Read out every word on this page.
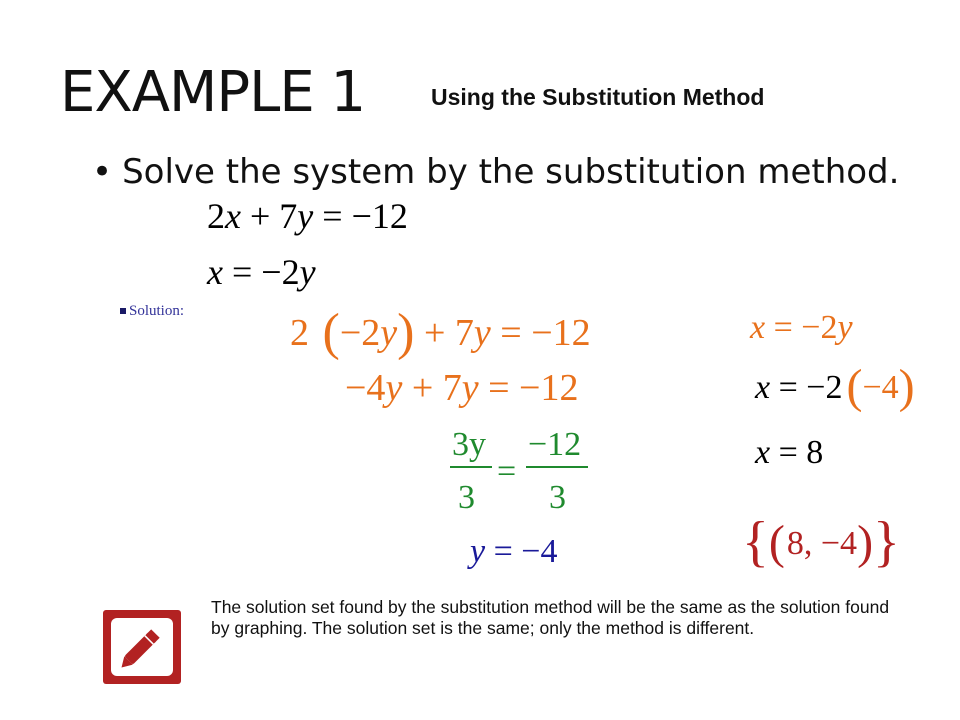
EXAMPLE 1	Using the Substitution Method
• Solve the system by the substitution method.
Solution:
2x + 7y = −12
x = −2y
2 (−2y) + 7y = −12
−4y + 7y = −12
3y
3
=
−12
3
y = −4
x = −2y
x = −2(−4)
x = 8
{(8, −4)}
The solution set found by the substitution method will be the same as the solution found by graphing. The solution set is the same; only the method is different.
